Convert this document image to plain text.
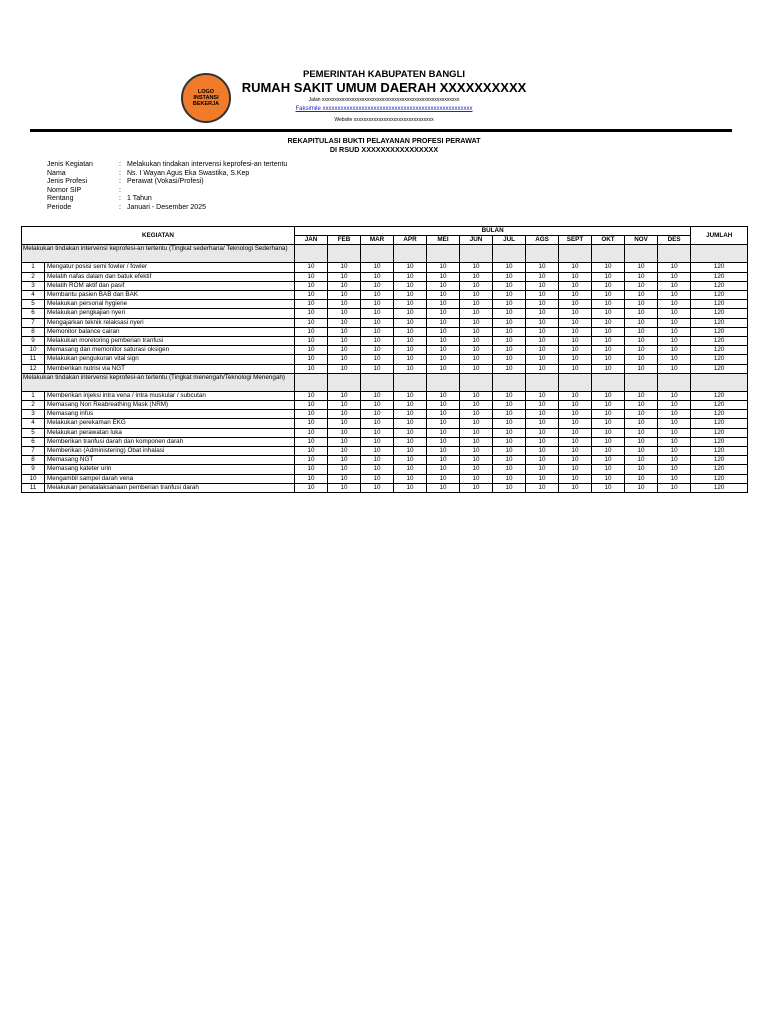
LOGO INSTANSI BEKERJA
PEMERINTAH KABUPATEN BANGLI
RUMAH SAKIT UMUM DAERAH XXXXXXXXXX
Jalan xxxxxxxxxxxxxxxxxxxxxxxxxxxxxxxxxxxxxxxxxxxxxxxxxxxxxxx
Faksimile xxxxxxxxxxxxxxxxxxxxxxxxxxxxxxxxxxxxxxxxxxxxxxxxxx
Website xxxxxxxxxxxxxxxxxxxxxxxxxxxxxxxx
REKAPITULASI BUKTI PELAYANAN PROFESI PERAWAT
DI RSUD XXXXXXXXXXXXXXXX
Jenis Kegiatan	: Melakukan tindakan intervensi keprofesi-an tertentu
Nama	: Ns. I Wayan Agus Eka Swastika, S.Kep
Jenis Profesi	: Perawat (Vokasi/Profesi)
Nomor SIP	:
Rentang	: 1 Tahun
Periode	: Januari - Desember 2025
KEGIATAN		BULAN												JUMLAH
		JAN	FEB	MAR	APR	MEI	JUN	JUL	AGS	SEPT	OKT	NOV	DES	
Melakukan tindakan intervensi keprofesi-an tertentu (Tingkat sederhana/ Teknologi Sederhana)														
1	Mengatur posisi semi fowler / fowler	10	10	10	10	10	10	10	10	10	10	10	10	120
2	Melatih nafas dalam dan batuk efektif	10	10	10	10	10	10	10	10	10	10	10	10	120
3	Melatih ROM aktif dan pasif	10	10	10	10	10	10	10	10	10	10	10	10	120
4	Membantu pasien BAB dan BAK	10	10	10	10	10	10	10	10	10	10	10	10	120
5	Melakukan personal hygiene	10	10	10	10	10	10	10	10	10	10	10	10	120
6	Melakukan pengkajian nyeri	10	10	10	10	10	10	10	10	10	10	10	10	120
7	Mengajarkan teknik relaksasi nyeri	10	10	10	10	10	10	10	10	10	10	10	10	120
8	Memonitor balance cairan	10	10	10	10	10	10	10	10	10	10	10	10	120
9	Melakukan moretoring pemberian tranfusi	10	10	10	10	10	10	10	10	10	10	10	10	120
10	Memasang dan memonitor saturasi oksigen	10	10	10	10	10	10	10	10	10	10	10	10	120
11	Melakukan pengukuran vital sign	10	10	10	10	10	10	10	10	10	10	10	10	120
12	Memberikan nutrisi via NGT	10	10	10	10	10	10	10	10	10	10	10	10	120
Melakukan tindakan intervensi keprofesi-an tertentu (Tingkat menengah/Teknologi Menengah)														
1	Memberikan injeksi intra vena / intra muskular / subcutan	10	10	10	10	10	10	10	10	10	10	10	10	120
2	Memasang Non Reabreathing Mask (NRM)	10	10	10	10	10	10	10	10	10	10	10	10	120
3	Memasang infus	10	10	10	10	10	10	10	10	10	10	10	10	120
4	Melakukan perekaman EKG	10	10	10	10	10	10	10	10	10	10	10	10	120
5	Melakukan perawatan luka	10	10	10	10	10	10	10	10	10	10	10	10	120
6	Memberikan tranfusi darah dan komponen darah	10	10	10	10	10	10	10	10	10	10	10	10	120
7	Memberikan (Administering) Obat inhalasi	10	10	10	10	10	10	10	10	10	10	10	10	120
8	Memasang NGT	10	10	10	10	10	10	10	10	10	10	10	10	120
9	Memasang kateter urin	10	10	10	10	10	10	10	10	10	10	10	10	120
10	Mengambil sampel darah vena	10	10	10	10	10	10	10	10	10	10	10	10	120
11	Melakukan penatalaksanaan pemberian tranfusi darah	10	10	10	10	10	10	10	10	10	10	10	10	120
